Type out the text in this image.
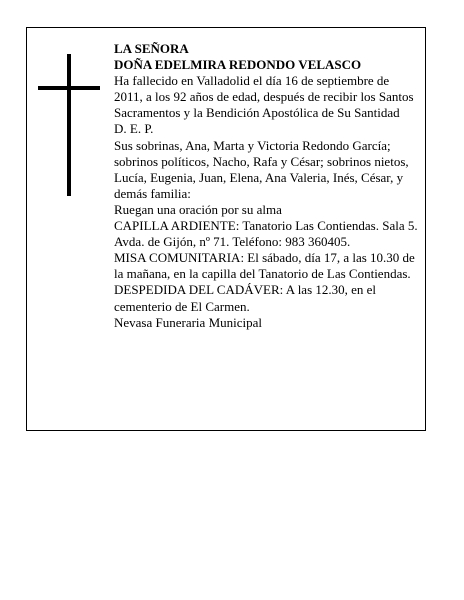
LA SEÑORA

DOÑA EDELMIRA REDONDO VELASCO

Ha fallecido en Valladolid el día 16 de septiembre de 2011, a los 92 años de edad, después de recibir los Santos Sacramentos y la Bendición Apostólica de Su Santidad

D. E. P.

Sus sobrinas, Ana, Marta y Victoria Redondo García; sobrinos políticos, Nacho, Rafa y César; sobrinos nietos, Lucía, Eugenia, Juan, Elena, Ana Valeria, Inés, César, y demás familia:

Ruegan una oración por su alma

CAPILLA ARDIENTE: Tanatorio Las Contiendas. Sala 5. Avda. de Gijón, nº 71. Teléfono: 983 360405.

MISA COMUNITARIA: El sábado, día 17, a las 10.30 de la mañana, en la capilla del Tanatorio de Las Contiendas.

DESPEDIDA DEL CADÁVER: A las 12.30, en el cementerio de El Carmen.

Nevasa Funeraria Municipal
